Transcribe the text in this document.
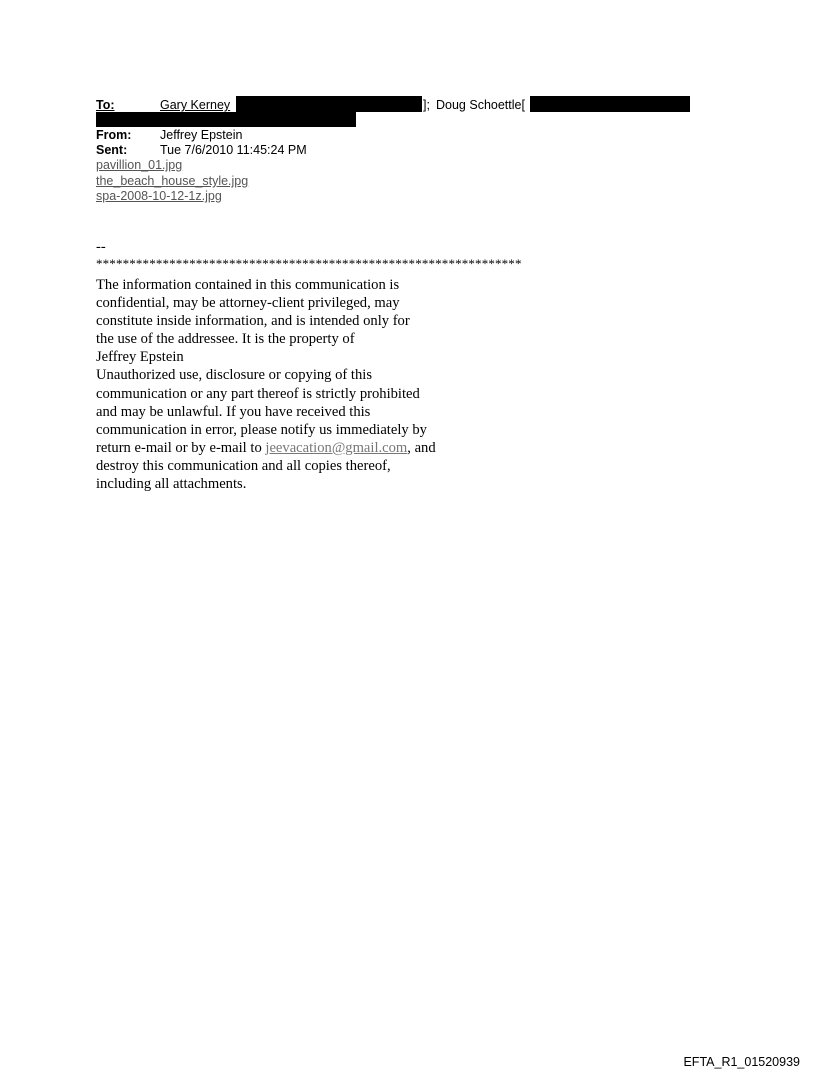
To:	Gary Kerney	]; Doug Schoettle[
From: Jeffrey Epstein
Sent:	Tue 7/6/2010 11:45:24 PM
pavillion_01.jpg
the_beach_house_style.jpg
spa-2008-10-12-1z.jpg
--
****************************************************************
The information contained in this communication is
confidential, may be attorney-client privileged, may
constitute inside information, and is intended only for
the use of the addressee. It is the property of
Jeffrey Epstein
Unauthorized use, disclosure or copying of this
communication or any part thereof is strictly prohibited
and may be unlawful. If you have received this
communication in error, please notify us immediately by
return e-mail or by e-mail to jeevacation@gmail.com, and
destroy this communication and all copies thereof,
including all attachments.
EFTA_R1_01520939
